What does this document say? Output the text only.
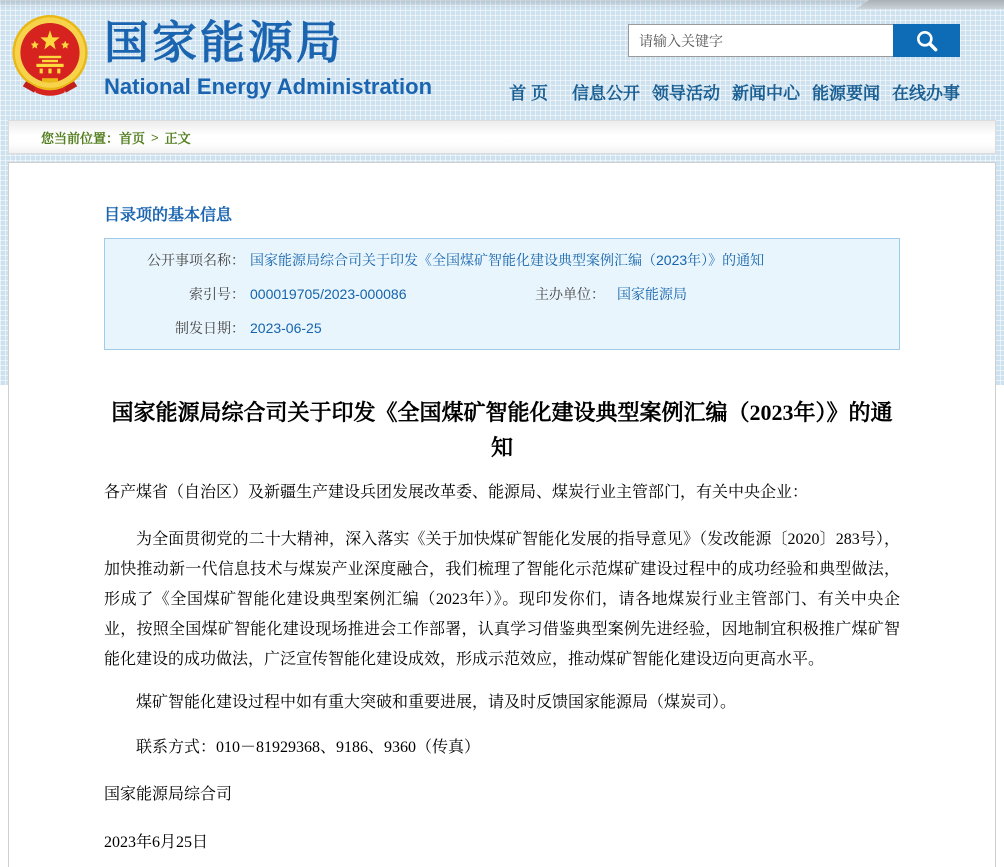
国家能源局
National Energy Administration
请输入关键字	首 页 信息公开 领导活动 新闻中心 能源要闻 在线办事
您当前位置： 首页 > 正文
目录项的基本信息
公开事项名称： 国家能源局综合司关于印发《全国煤矿智能化建设典型案例汇编（2023年）》的通知
索引号： 000019705/2023-000086	主办单位： 国家能源局
制发日期： 2023-06-25
国家能源局综合司关于印发《全国煤矿智能化建设典型案例汇编（2023年）》的通知

各产煤省（自治区）及新疆生产建设兵团发展改革委、能源局、煤炭行业主管部门，有关中央企业：

为全面贯彻党的二十大精神，深入落实《关于加快煤矿智能化发展的指导意见》（发改能源〔2020〕283号），加快推动新一代信息技术与煤炭产业深度融合，我们梳理了智能化示范煤矿建设过程中的成功经验和典型做法，形成了《全国煤矿智能化建设典型案例汇编（2023年）》。现印发你们，请各地煤炭行业主管部门、有关中央企业，按照全国煤矿智能化建设现场推进会工作部署，认真学习借鉴典型案例先进经验，因地制宜积极推广煤矿智能化建设的成功做法，广泛宣传智能化建设成效，形成示范效应，推动煤矿智能化建设迈向更高水平。

煤矿智能化建设过程中如有重大突破和重要进展，请及时反馈国家能源局（煤炭司）。

联系方式：010－81929368、9186、9360（传真）

国家能源局综合司

2023年6月25日
